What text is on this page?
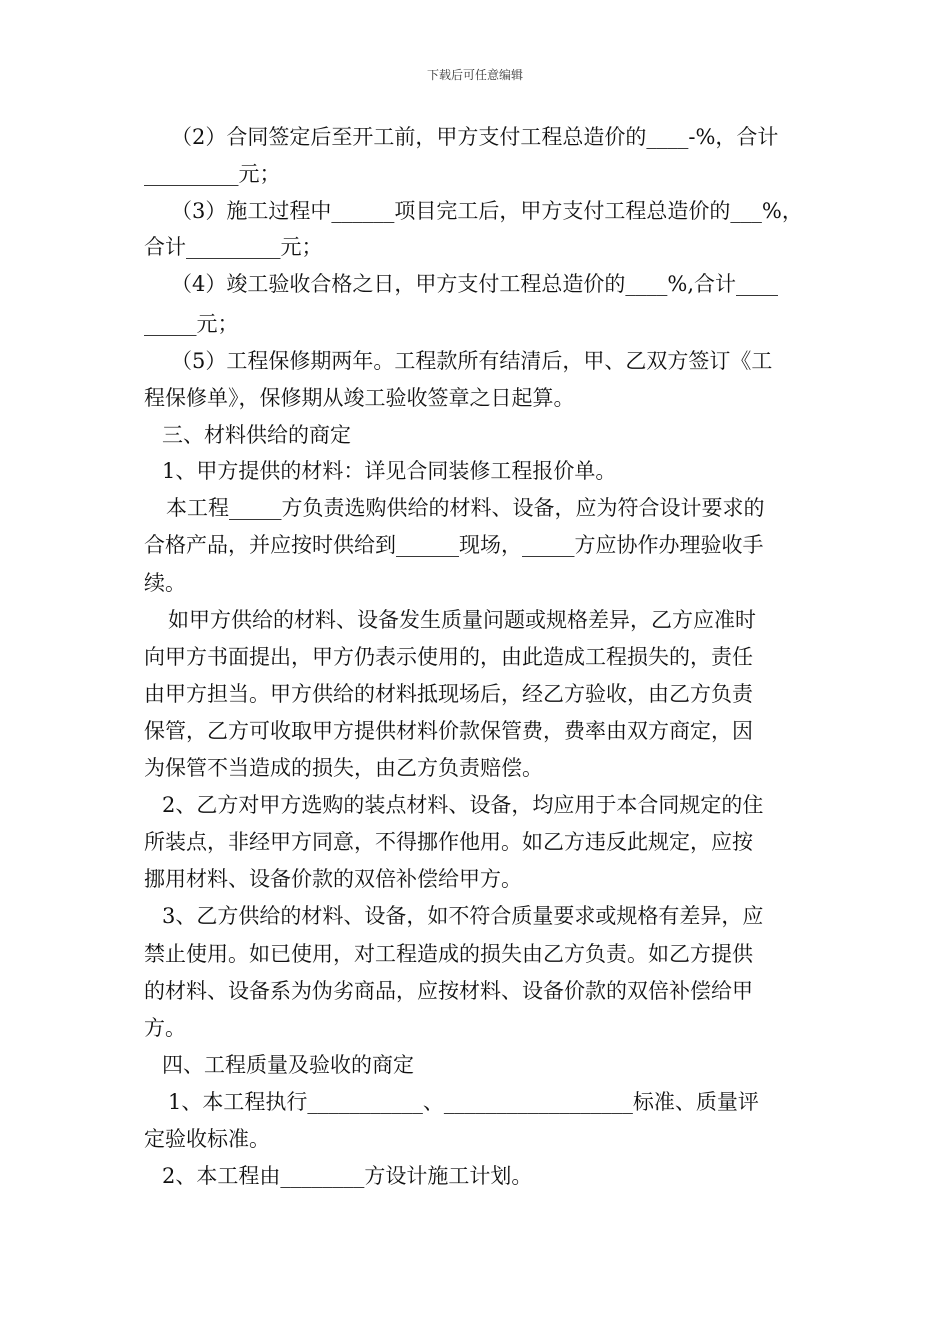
下载后可任意编辑
（2）合同签定后至开工前，甲方支付工程总造价的____-%，合计
_________元；
（3）施工过程中______项目完工后，甲方支付工程总造价的___%，
合计_________元；
（4）竣工验收合格之日，甲方支付工程总造价的____%,合计____
_____元；
（5）工程保修期两年。工程款所有结清后，甲、乙双方签订《工
程保修单》，保修期从竣工验收签章之日起算。
三、材料供给的商定
1、甲方提供的材料：详见合同装修工程报价单。
本工程_____方负责选购供给的材料、设备，应为符合设计要求的
合格产品，并应按时供给到______现场，_____方应协作办理验收手
续。
如甲方供给的材料、设备发生质量问题或规格差异，乙方应准时
向甲方书面提出，甲方仍表示使用的，由此造成工程损失的，责任
由甲方担当。甲方供给的材料抵现场后，经乙方验收，由乙方负责
保管，乙方可收取甲方提供材料价款保管费，费率由双方商定，因
为保管不当造成的损失，由乙方负责赔偿。
2、乙方对甲方选购的装点材料、设备，均应用于本合同规定的住
所装点，非经甲方同意，不得挪作他用。如乙方违反此规定，应按
挪用材料、设备价款的双倍补偿给甲方。
3、乙方供给的材料、设备，如不符合质量要求或规格有差异，应
禁止使用。如已使用，对工程造成的损失由乙方负责。如乙方提供
的材料、设备系为伪劣商品，应按材料、设备价款的双倍补偿给甲
方。
四、工程质量及验收的商定
1、本工程执行___________、__________________标准、质量评
定验收标准。
2、本工程由________方设计施工计划。
